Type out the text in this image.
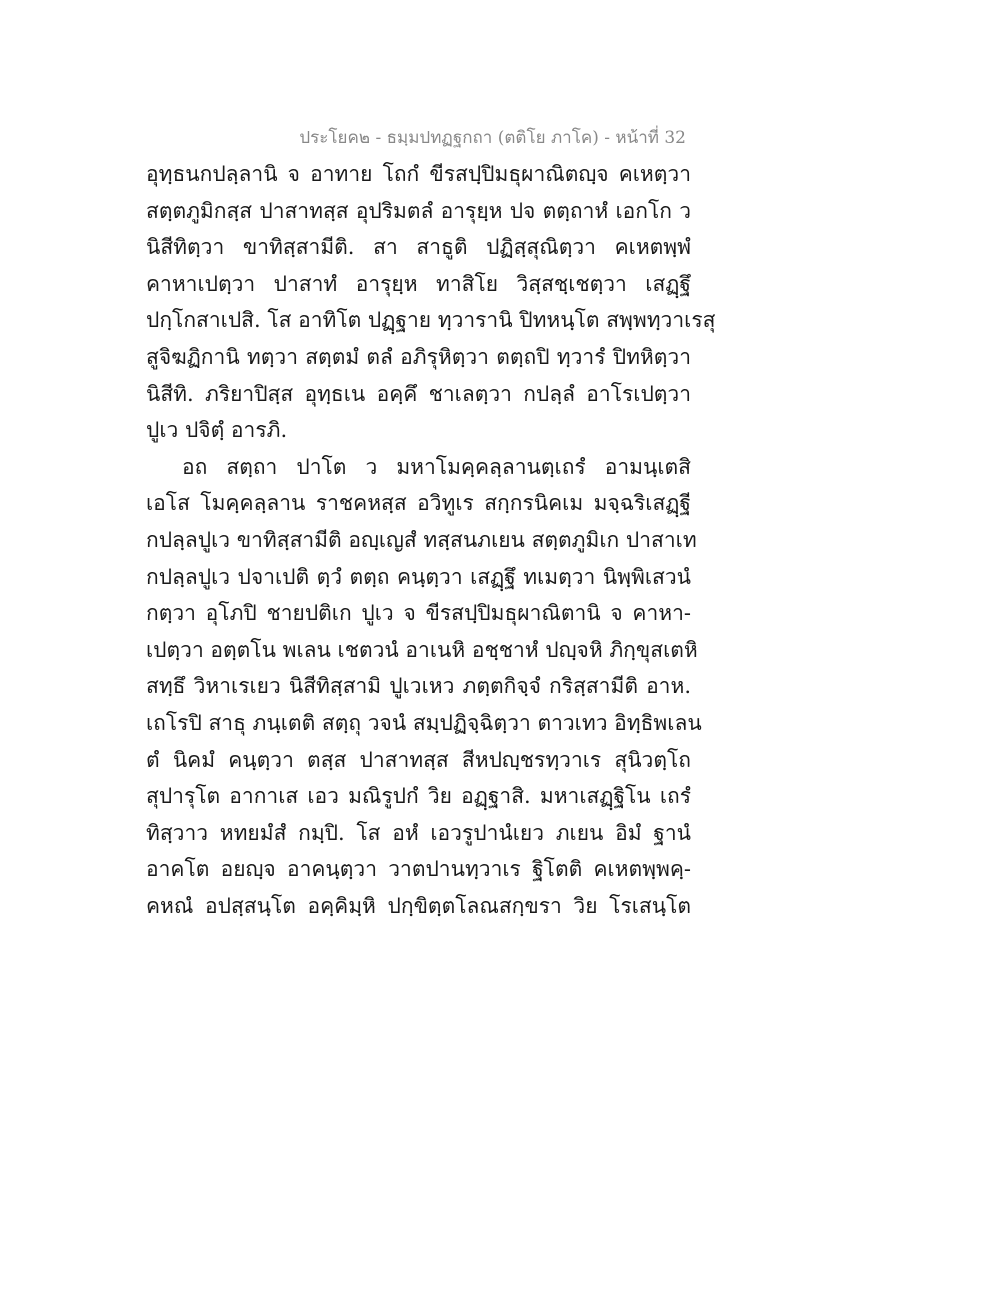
ประโยค๒ - ธมฺมปทฏฐกถา (ตติโย ภาโค) - หน้าที่ 32
อุทฺธนกปลฺลานิ จ อาทาย โถกํ ขีรสปฺปิมธุผาณิตญฺจ คเหตฺวา
สตฺตภูมิกสฺส ปาสาทสฺส อุปริมตลํ อารุยฺห ปจ ตตฺถาหํ เอกโก ว
นิสีทิตฺวา ขาทิสฺสามีติ. สา สาธูติ ปฏิสฺสุณิตฺวา คเหตพฺพํ
คาหาเปตฺวา ปาสาทํ อารุยฺห ทาสิโย วิสฺสชฺเชตฺวา เสฏฺฐึ
ปกฺโกสาเปสิ. โส อาทิโต ปฏฺฐาย ทฺวารานิ ปิทหนฺโต สพฺพทฺวาเรสุ
สูจิฆฏิกานิ ทตฺวา สตฺตมํ ตลํ อภิรุหิตฺวา ตตฺถปิ ทฺวารํ ปิทหิตฺวา
นิสีทิ. ภริยาปิสฺส อุทฺธเน อคฺคึ ชาเลตฺวา กปลฺลํ อาโรเปตฺวา
ปูเว ปจิตฺํ อารภิ.
อถ สตฺถา ปาโต ว มหาโมคฺคลฺลานตฺเถรํ อามนฺเตสิ
เอโส โมคฺคลฺลาน ราชคหสฺส อวิทูเร สกฺกรนิคเม มจฺฉริเสฏฺฐี
กปลฺลปูเว ขาทิสฺสามีติ อญฺเญสํ ทสฺสนภเยน สตฺตภูมิเก ปาสาเท
กปลฺลปูเว ปจาเปติ ตฺวํ ตตฺถ คนฺตฺวา เสฏฺฐึ ทเมตฺวา นิพฺพิเสวนํ
กตฺวา อุโภปิ ชายปติเก ปูเว จ ขีรสปฺปิมธุผาณิตานิ จ คาหา-
เปตฺวา อตฺตโน พเลน เชตวนํ อาเนหิ อชฺชาหํ ปญฺจหิ ภิกฺขุสเตหิ
สทฺธึ วิหาเรเยว นิสีทิสฺสามิ ปูเวเหว ภตฺตกิจฺจํ กริสฺสามีติ อาห.
เถโรปิ สาธุ ภนฺเตติ สตฺถุ วจนํ สมฺปฏิจฺฉิตฺวา ตาวเทว อิทฺธิพเลน
ตํ นิคมํ คนฺตฺวา ตสฺส ปาสาทสฺส สีหปญฺชรทฺวาเร สุนิวตฺโถ
สุปารุโต อากาเส เอว มณิรูปกํ วิย อฏฺฐาสิ. มหาเสฏฺฐิโน เถรํ
ทิสฺวาว หทยมํสํ กมฺปิ. โส อหํ เอวรูปานํเยว ภเยน อิมํ ฐานํ
อาคโต อยญฺจ อาคนฺตฺวา วาตปานทฺวาเร ฐิโตติ คเหตพฺพคฺ-
คหณํ อปสฺสนฺโต อคฺคิมฺหิ ปกฺขิตฺตโลณสกฺขรา วิย โรเสนฺโต
